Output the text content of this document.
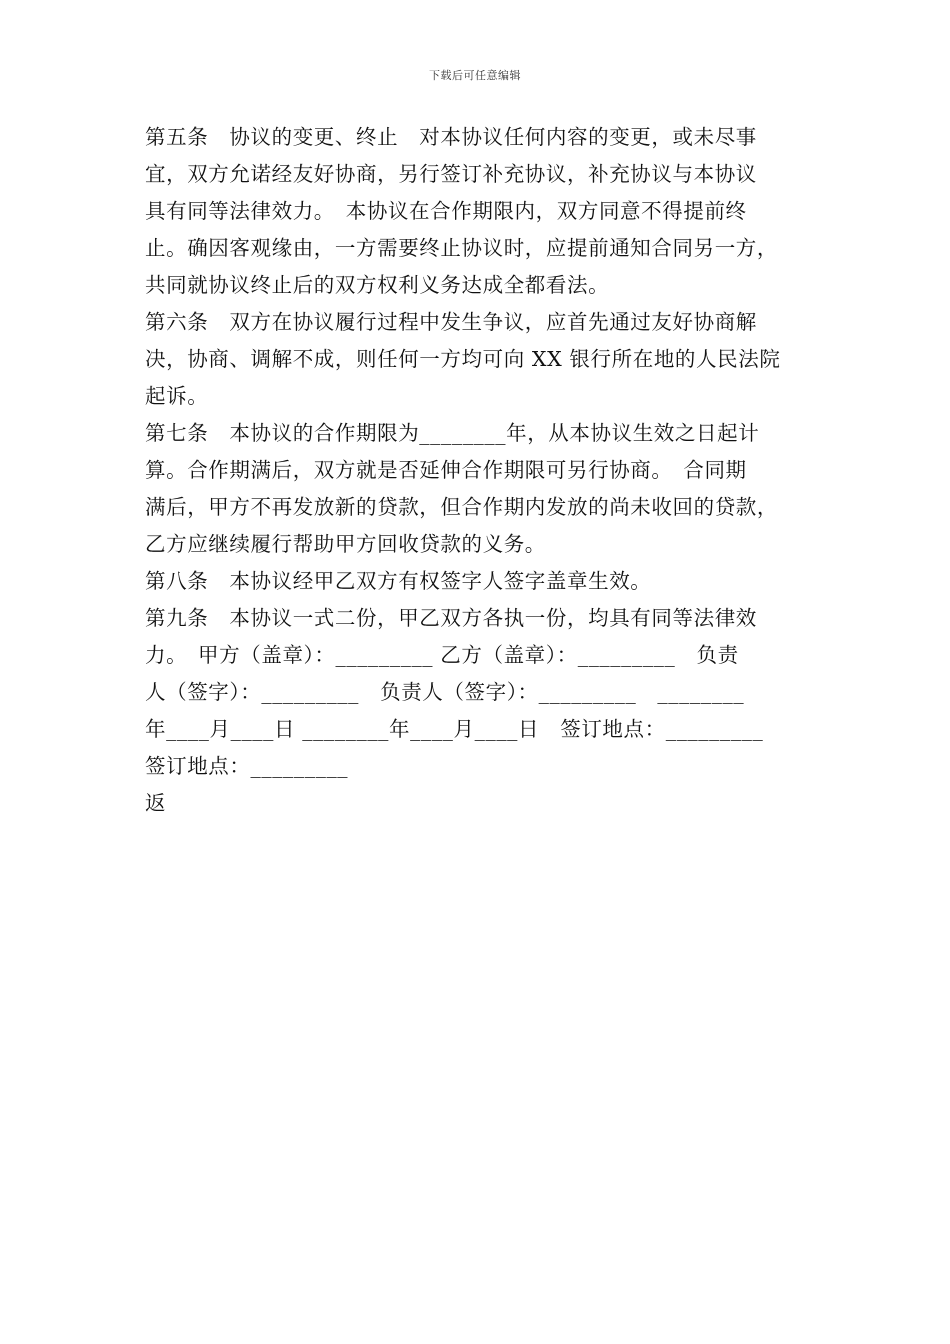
下载后可任意编辑
第五条　协议的变更、终止　对本协议任何内容的变更，或未尽事
宜，双方允诺经友好协商，另行签订补充协议，补充协议与本协议
具有同等法律效力。　本协议在合作期限内，双方同意不得提前终
止。确因客观缘由，一方需要终止协议时，应提前通知合同另一方，
共同就协议终止后的双方权利义务达成全都看法。
第六条　双方在协议履行过程中发生争议，应首先通过友好协商解
决，协商、调解不成，则任何一方均可向 XX 银行所在地的人民法院
起诉。
第七条　本协议的合作期限为________年，从本协议生效之日起计
算。合作期满后，双方就是否延伸合作期限可另行协商。　合同期
满后，甲方不再发放新的贷款，但合作期内发放的尚未收回的贷款，
乙方应继续履行帮助甲方回收贷款的义务。
第八条　本协议经甲乙双方有权签字人签字盖章生效。
第九条　本协议一式二份，甲乙双方各执一份，均具有同等法律效
力。　甲方（盖章）：_________ 乙方（盖章）：_________　负责
人（签字）：_________　负责人（签字）：_________　________
年____月____日 ________年____月____日　签订地点：_________
签订地点：_________
返
